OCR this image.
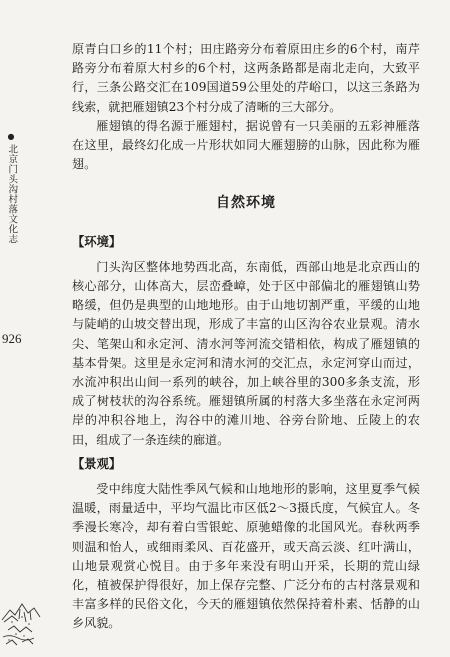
●
北京门头沟村落文化志
926

原青白口乡的11个村；田庄路旁分布着原田庄乡的6个村，南芹路旁分布着原大村乡的6个村，这两条路都是南北走向，大致平行，三条公路交汇在109国道59公里处的芹峪口，以这三条路为线索，就把雁翅镇23个村分成了清晰的三大部分。

雁翅镇的得名源于雁翅村，据说曾有一只美丽的五彩神雁落在这里，最终幻化成一片形状如同大雁翅膀的山脉，因此称为雁翅。

自然环境
【环境】

门头沟区整体地势西北高，东南低，西部山地是北京西山的核心部分，山体高大，层峦叠嶂，处于区中部偏北的雁翅镇山势略缓，但仍是典型的山地地形。由于山地切割严重，平缓的山地与陡峭的山坡交替出现，形成了丰富的山区沟谷农业景观。清水尖、笔架山和永定河、清水河等河流交错相依，构成了雁翅镇的基本骨架。这里是永定河和清水河的交汇点，永定河穿山而过，水流冲积出山间一系列的峡谷，加上峡谷里的300多条支流，形成了树枝状的沟谷系统。雁翅镇所属的村落大多坐落在永定河两岸的冲积谷地上，沟谷中的滩川地、谷旁台阶地、丘陵上的农田，组成了一条连续的廊道。

【景观】

受中纬度大陆性季风气候和山地地形的影响，这里夏季气候温暖，雨量适中，平均气温比市区低2～3摄氏度，气候宜人。冬季漫长寒冷，却有着白雪银蛇、原驰蜡像的北国风光。春秋两季则温和怡人，或细雨柔风、百花盛开，或天高云淡、红叶满山，山地景观赏心悦目。由于多年来没有明山开采，长期的荒山绿化，植被保护得很好，加上保存完整、广泛分布的古村落景观和丰富多样的民俗文化，今天的雁翅镇依然保持着朴素、恬静的山乡风貌。
